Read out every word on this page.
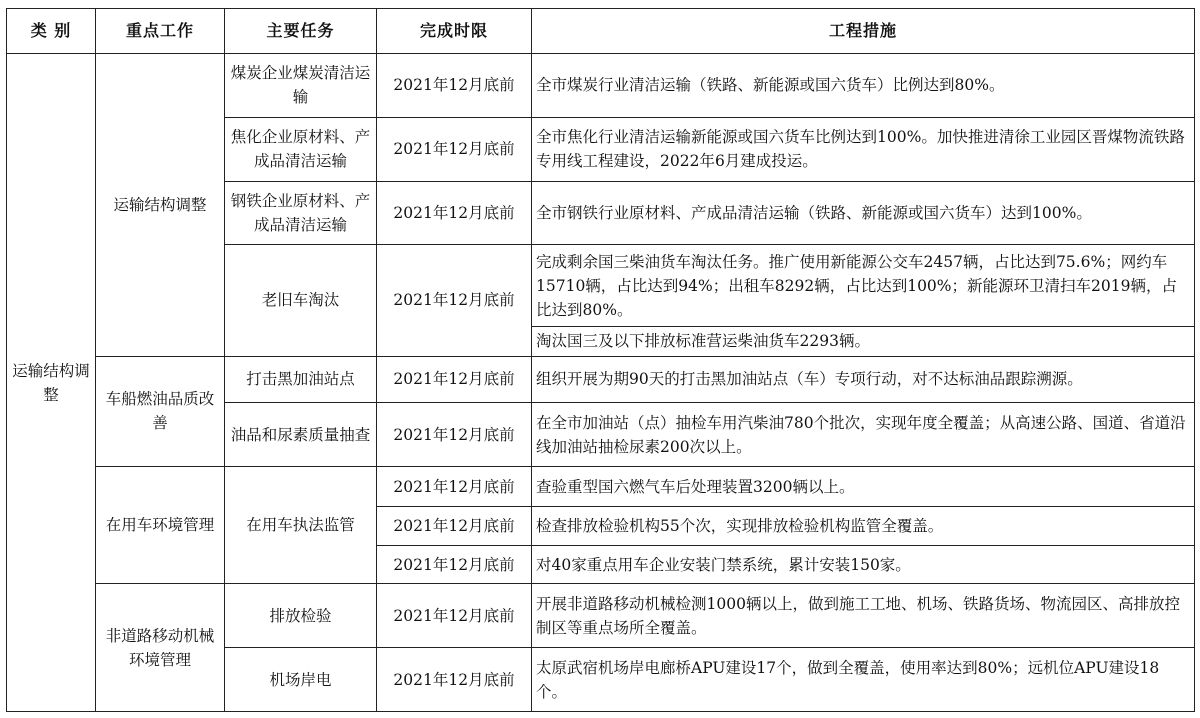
类 别	重点工作	主要任务	完成时限	工程措施
运输结构调整	运输结构调整	煤炭企业煤炭清洁运输	2021年12月底前	全市煤炭行业清洁运输（铁路、新能源或国六货车）比例达到80%。
		焦化企业原材料、产成品清洁运输	2021年12月底前	全市焦化行业清洁运输新能源或国六货车比例达到100%。加快推进清徐工业园区晋煤物流铁路专用线工程建设，2022年6月建成投运。
		钢铁企业原材料、产成品清洁运输	2021年12月底前	全市钢铁行业原材料、产成品清洁运输（铁路、新能源或国六货车）达到100%。
		老旧车淘汰	2021年12月底前	完成剩余国三柴油货车淘汰任务。推广使用新能源公交车2457辆，占比达到75.6%；网约车15710辆，占比达到94%；出租车8292辆，占比达到100%；新能源环卫清扫车2019辆，占比达到80%。
				淘汰国三及以下排放标准营运柴油货车2293辆。
	车船燃油品质改善	打击黑加油站点	2021年12月底前	组织开展为期90天的打击黑加油站点（车）专项行动，对不达标油品跟踪溯源。
		油品和尿素质量抽查	2021年12月底前	在全市加油站（点）抽检车用汽柴油780个批次，实现年度全覆盖；从高速公路、国道、省道沿线加油站抽检尿素200次以上。
	在用车环境管理	在用车执法监管	2021年12月底前	查验重型国六燃气车后处理装置3200辆以上。
			2021年12月底前	检查排放检验机构55个次，实现排放检验机构监管全覆盖。
			2021年12月底前	对40家重点用车企业安装门禁系统，累计安装150家。
	非道路移动机械环境管理	排放检验	2021年12月底前	开展非道路移动机械检测1000辆以上，做到施工工地、机场、铁路货场、物流园区、高排放控制区等重点场所全覆盖。
		机场岸电	2021年12月底前	太原武宿机场岸电廊桥APU建设17个，做到全覆盖，使用率达到80%；远机位APU建设18个。
